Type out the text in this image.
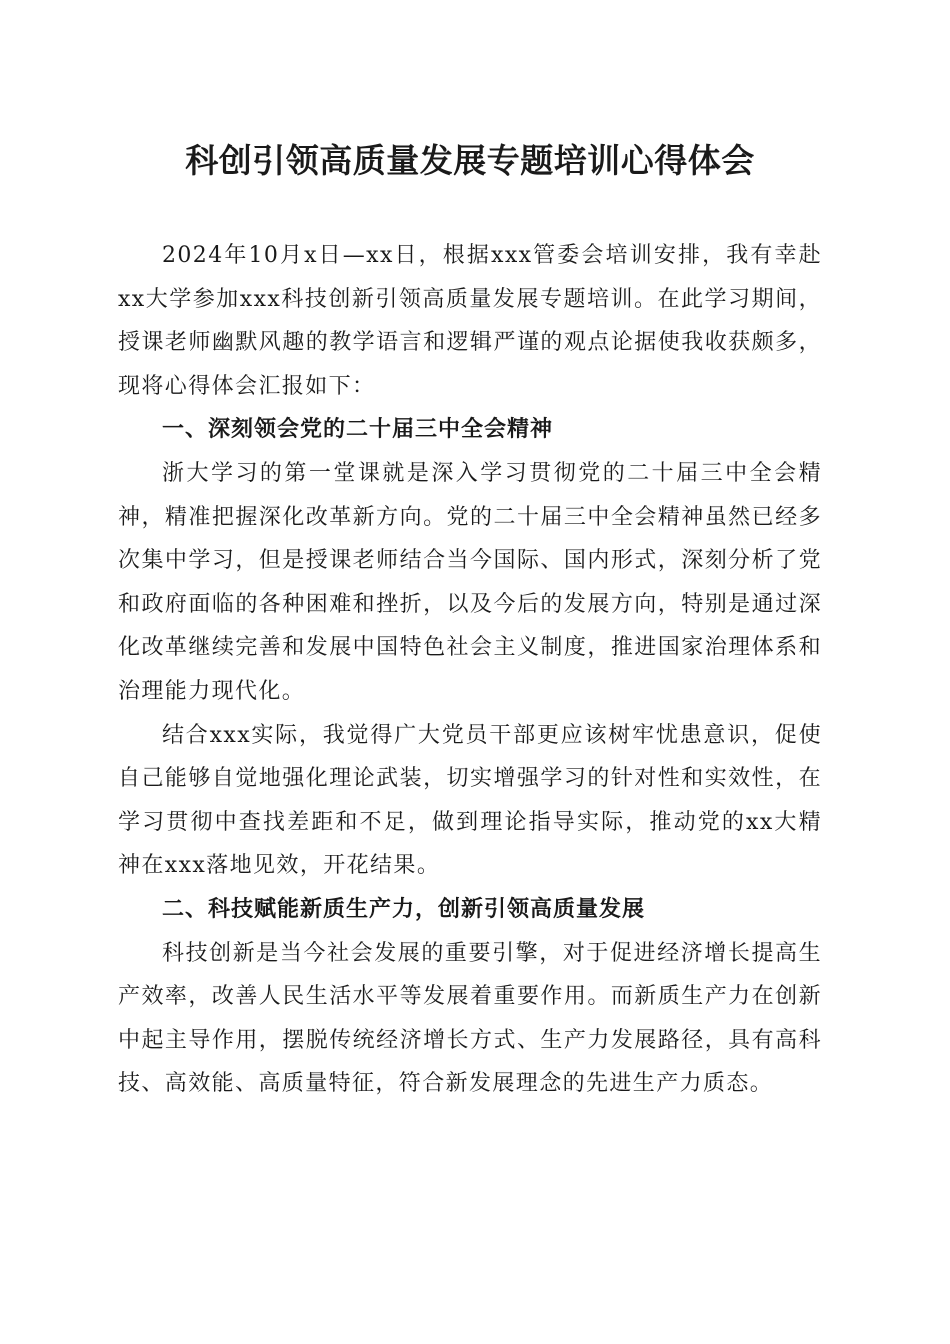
科创引领高质量发展专题培训心得体会

2024年10月x日—xx日，根据xxx管委会培训安排，我有幸赴xx大学参加xxx科技创新引领高质量发展专题培训。在此学习期间，授课老师幽默风趣的教学语言和逻辑严谨的观点论据使我收获颇多，现将心得体会汇报如下：

一、深刻领会党的二十届三中全会精神

浙大学习的第一堂课就是深入学习贯彻党的二十届三中全会精神，精准把握深化改革新方向。党的二十届三中全会精神虽然已经多次集中学习，但是授课老师结合当今国际、国内形式，深刻分析了党和政府面临的各种困难和挫折，以及今后的发展方向，特别是通过深化改革继续完善和发展中国特色社会主义制度，推进国家治理体系和治理能力现代化。

结合xxx实际，我觉得广大党员干部更应该树牢忧患意识，促使自己能够自觉地强化理论武装，切实增强学习的针对性和实效性，在学习贯彻中查找差距和不足，做到理论指导实际，推动党的xx大精神在xxx落地见效，开花结果。

二、科技赋能新质生产力，创新引领高质量发展

科技创新是当今社会发展的重要引擎，对于促进经济增长提高生产效率，改善人民生活水平等发展着重要作用。而新质生产力在创新中起主导作用，摆脱传统经济增长方式、生产力发展路径，具有高科技、高效能、高质量特征，符合新发展理念的先进生产力质态。
